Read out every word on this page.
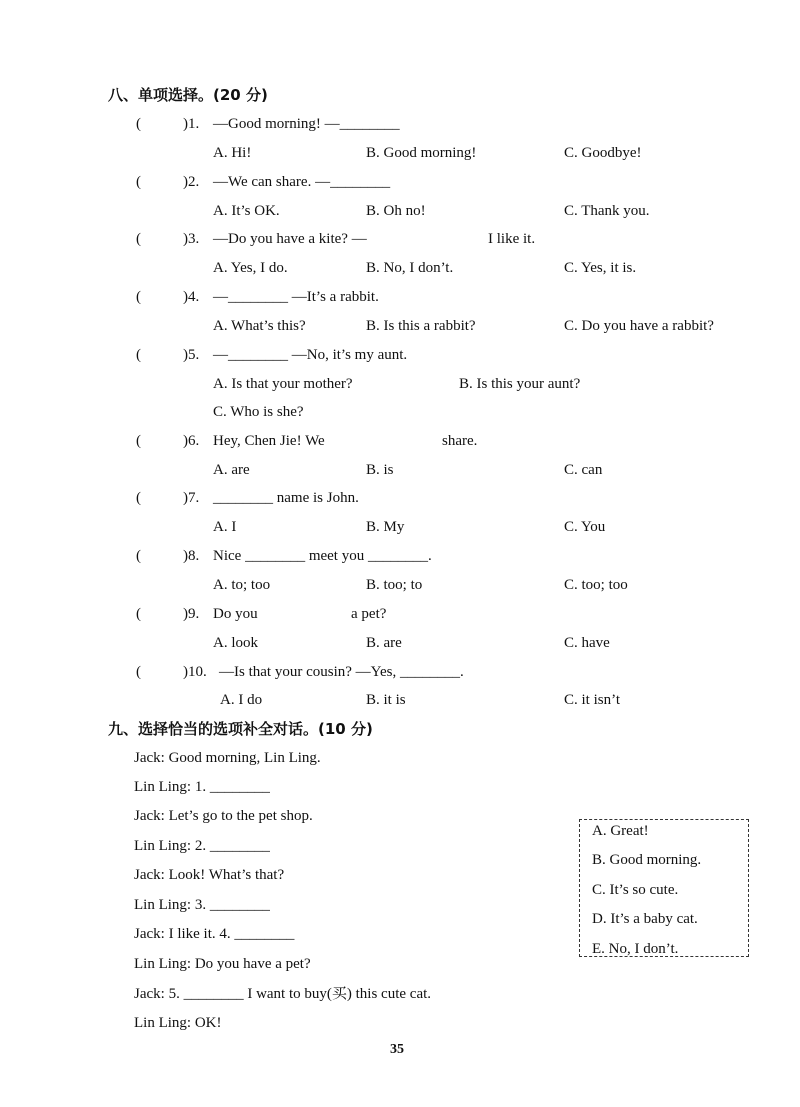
八、单项选择。(20 分)
(	)1. —Good morning! —________
A. Hi!	B. Good morning!	C. Goodbye!
(	)2. —We can share. —________
A. It’s OK.	B. Oh no!	C. Thank you.
(	)3. —Do you have a kite? —	I like it.
A. Yes, I do.	B. No, I don’t.	C. Yes, it is.
(	)4. —________ —It’s a rabbit.
A. What’s this?	B. Is this a rabbit?	C. Do you have a rabbit?
(	)5. —________ —No, it’s my aunt.
A. Is that your mother?	B. Is this your aunt?
C. Who is she?
(	)6. Hey, Chen Jie! We	share.
A. are	B. is	C. can
(	)7. ________ name is John.
A. I	B. My	C. You
(	)8. Nice ________ meet you ________.
A. to; too	B. too; to	C. too; too
(	)9. Do you	a pet?
A. look	B. are	C. have
(	)10. —Is that your cousin? —Yes, ________.
A. I do	B. it is	C. it isn’t
九、选择恰当的选项补全对话。(10 分)
Jack: Good morning, Lin Ling.
Lin Ling: 1. ________
Jack: Let’s go to the pet shop.
Lin Ling: 2. ________
Jack: Look! What’s that?
Lin Ling: 3. ________
Jack: I like it. 4. ________
Lin Ling: Do you have a pet?
Jack: 5. ________ I want to buy(买) this cute cat.
Lin Ling: OK!
A. Great!
B. Good morning.
C. It’s so cute.
D. It’s a baby cat.
E. No, I don’t.
35
